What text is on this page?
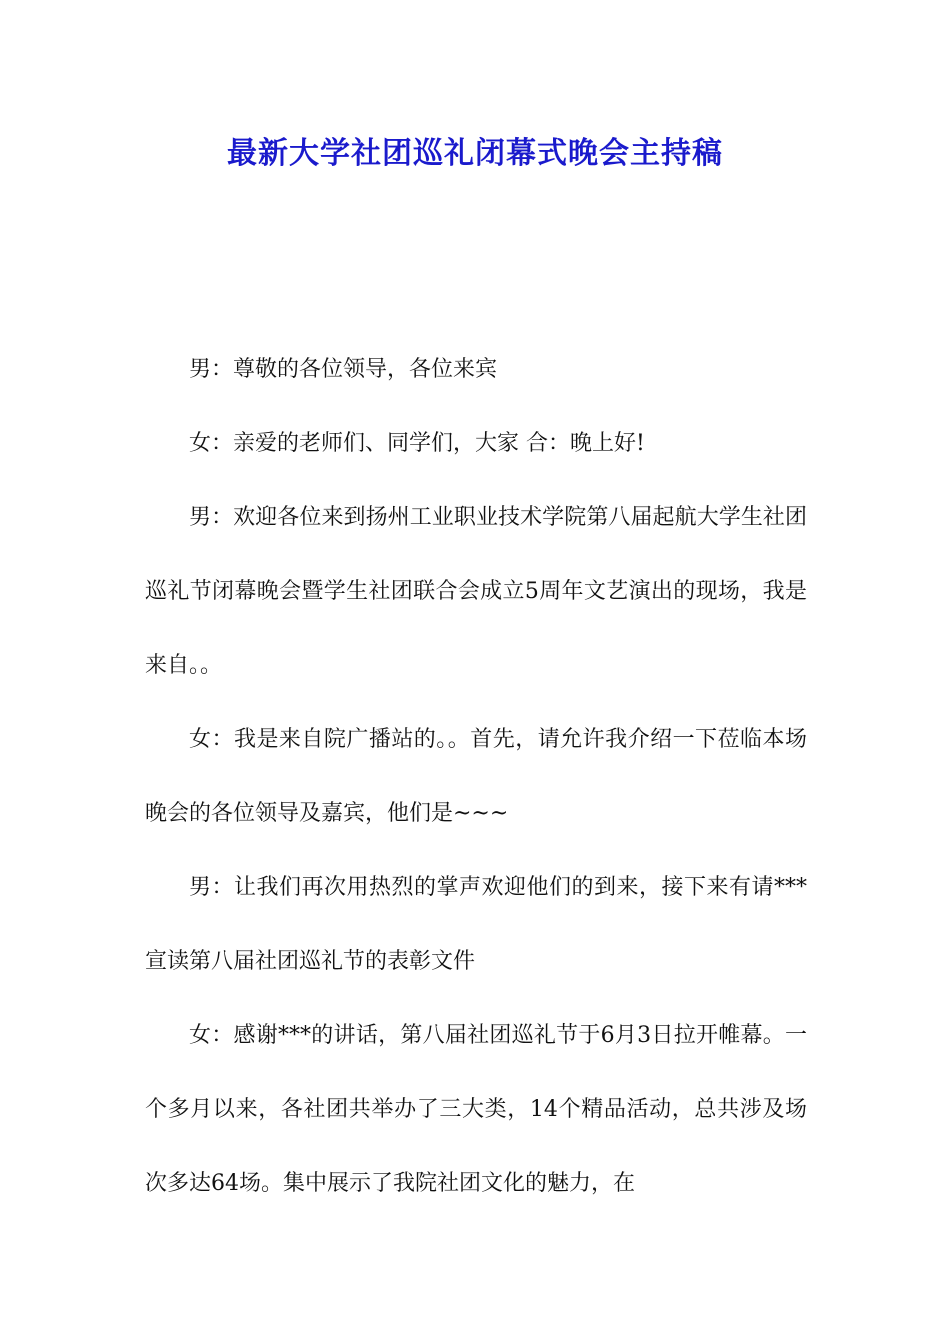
最新大学社团巡礼闭幕式晚会主持稿

男：尊敬的各位领导，各位来宾

女：亲爱的老师们、同学们，大家 合：晚上好!

男：欢迎各位来到扬州工业职业技术学院第八届起航大学生社团巡礼节闭幕晚会暨学生社团联合会成立5周年文艺演出的现场，我是来自。。

女：我是来自院广播站的。。首先，请允许我介绍一下莅临本场晚会的各位领导及嘉宾，他们是~~~

男：让我们再次用热烈的掌声欢迎他们的到来，接下来有请***宣读第八届社团巡礼节的表彰文件

女：感谢***的讲话，第八届社团巡礼节于6月3日拉开帷幕。一个多月以来，各社团共举办了三大类，14个精品活动，总共涉及场次多达64场。集中展示了我院社团文化的魅力，在
